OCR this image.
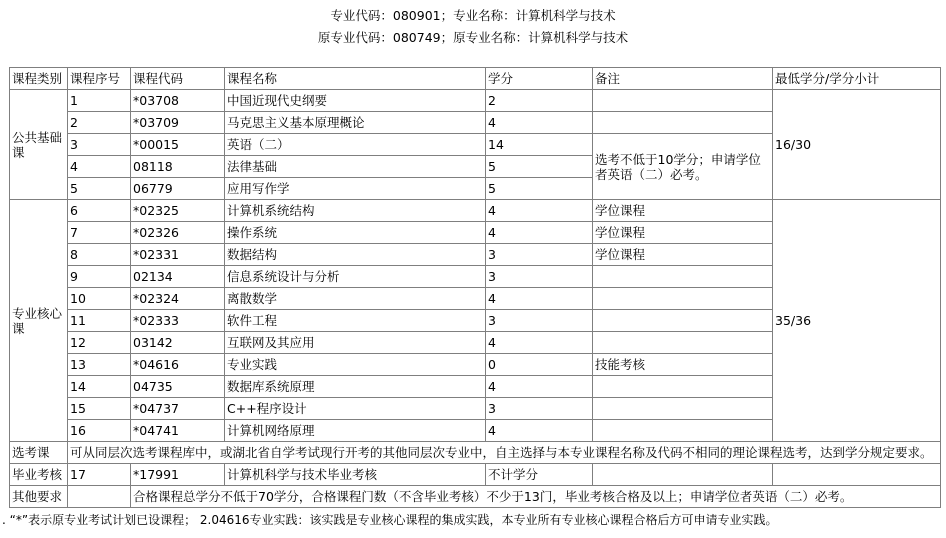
专业代码：080901；专业名称：计算机科学与技术
原专业代码：080749；原专业名称：计算机科学与技术
课程类别	课程序号	课程代码	课程名称	学分	备注	最低学分/学分小计
公共基础课	1	*03708	中国近现代史纲要	2		16/30
	2	*03709	马克思主义基本原理概论	4		
	3	*00015	英语（二）	14	选考不低于10学分；申请学位者英语（二）必考。	
	4	08118	法律基础	5		
	5	06779	应用写作学	5		
专业核心课	6	*02325	计算机系统结构	4	学位课程	35/36
	7	*02326	操作系统	4	学位课程	
	8	*02331	数据结构	3	学位课程	
	9	02134	信息系统设计与分析	3		
	10	*02324	离散数学	4		
	11	*02333	软件工程	3		
	12	03142	互联网及其应用	4		
	13	*04616	专业实践	0	技能考核	
	14	04735	数据库系统原理	4		
	15	*04737	C++程序设计	3		
	16	*04741	计算机网络原理	4		
选考课	可从同层次选考课程库中，或湖北省自学考试现行开考的其他同层次专业中，自主选择与本专业课程名称及代码不相同的理论课程选考，达到学分规定要求。					
毕业考核	17	*17991	计算机科学与技术毕业考核	不计学分		
其他要求		合格课程总学分不低于70学分，合格课程门数（不含毕业考核）不少于13门，毕业考核合格及以上；申请学位者英语（二）必考。				
. “*”表示原专业考试计划已设课程； 2.04616专业实践：该实践是专业核心课程的集成实践，本专业所有专业核心课程合格后方可申请专业实践。
